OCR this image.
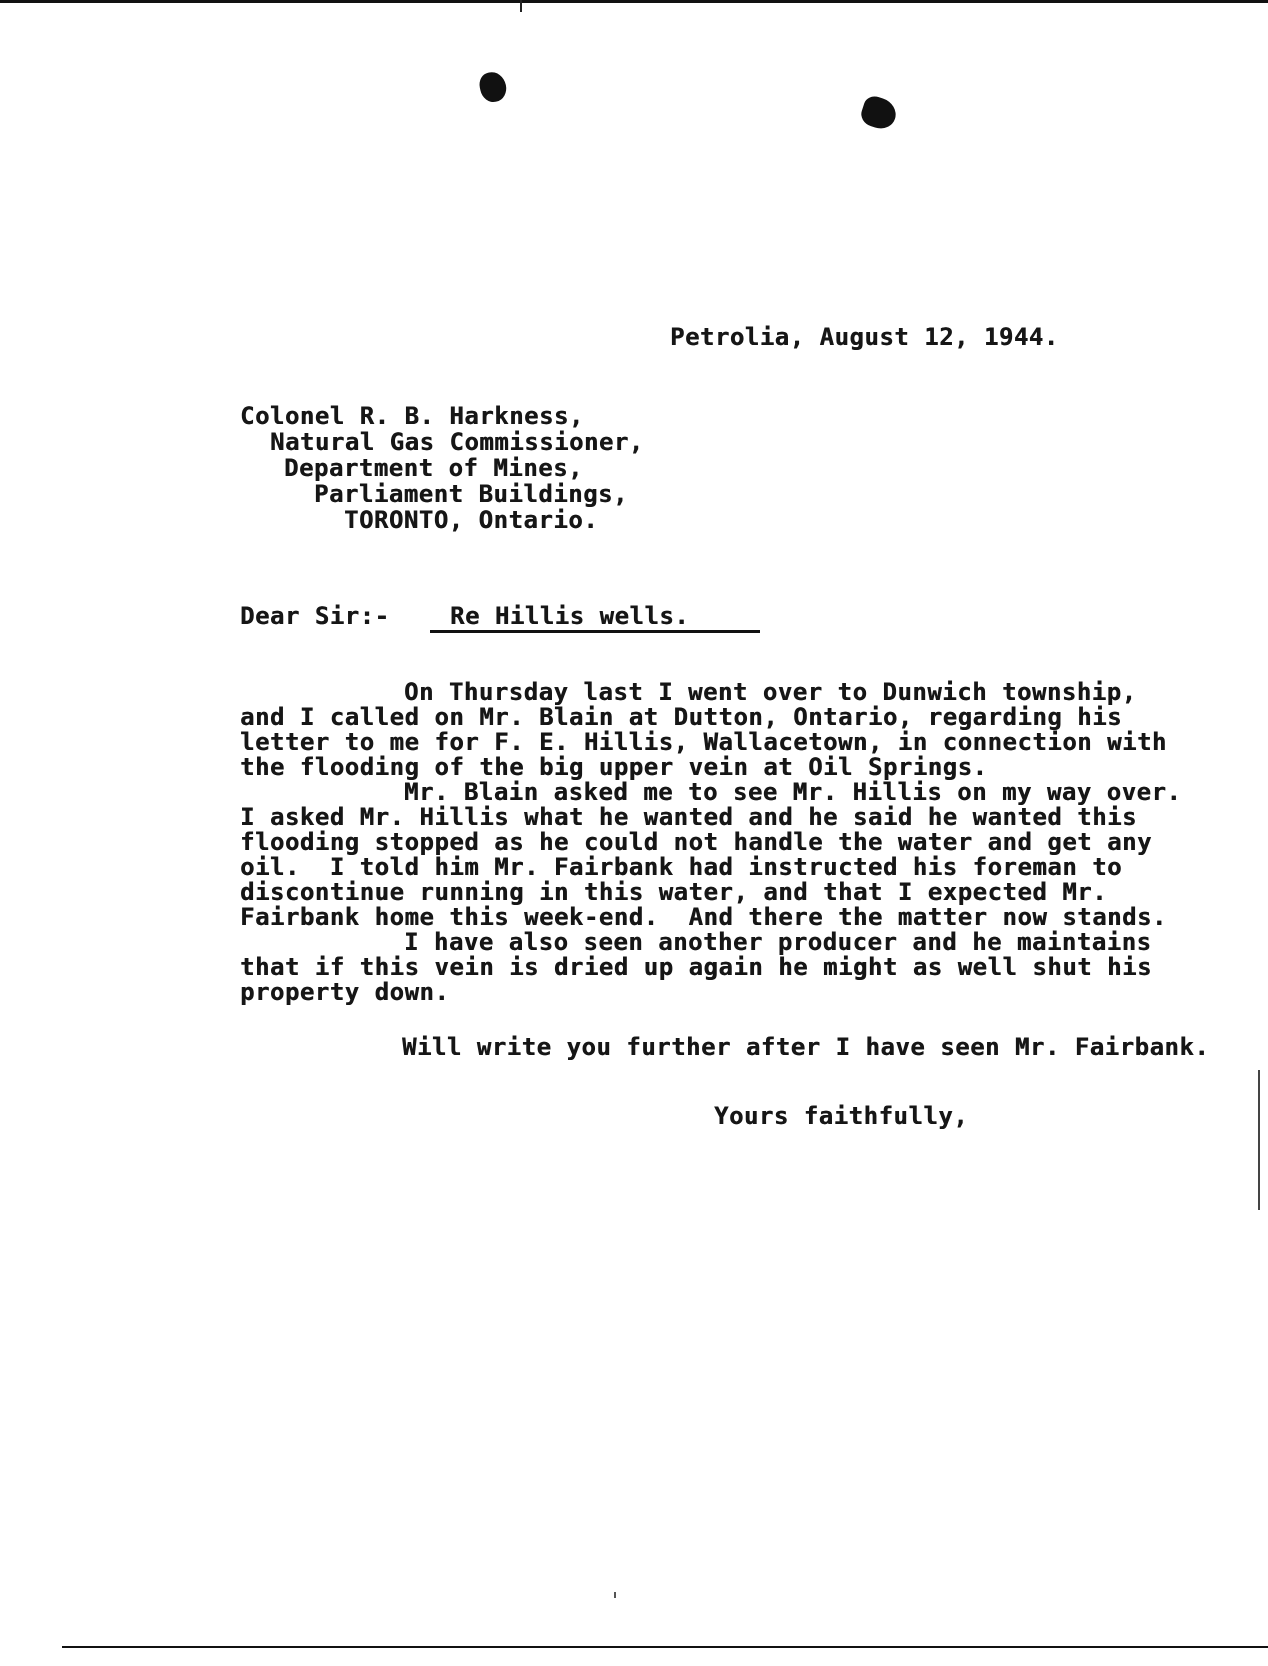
Petrolia, August 12, 1944.
Colonel R. B. Harkness,
Natural Gas Commissioner,
Department of Mines,
Parliament Buildings,
TORONTO, Ontario.
Dear Sir:-	Re Hillis wells.
On Thursday last I went over to Dunwich township,
and I called on Mr. Blain at Dutton, Ontario, regarding his
letter to me for F. E. Hillis, Wallacetown, in connection with
the flooding of the big upper vein at Oil Springs.
Mr. Blain asked me to see Mr. Hillis on my way over.
I asked Mr. Hillis what he wanted and he said he wanted this
flooding stopped as he could not handle the water and get any
oil.  I told him Mr. Fairbank had instructed his foreman to
discontinue running in this water, and that I expected Mr.
Fairbank home this week-end.  And there the matter now stands.
I have also seen another producer and he maintains
that if this vein is dried up again he might as well shut his
property down.
Will write you further after I have seen Mr. Fairbank.
Yours faithfully,
